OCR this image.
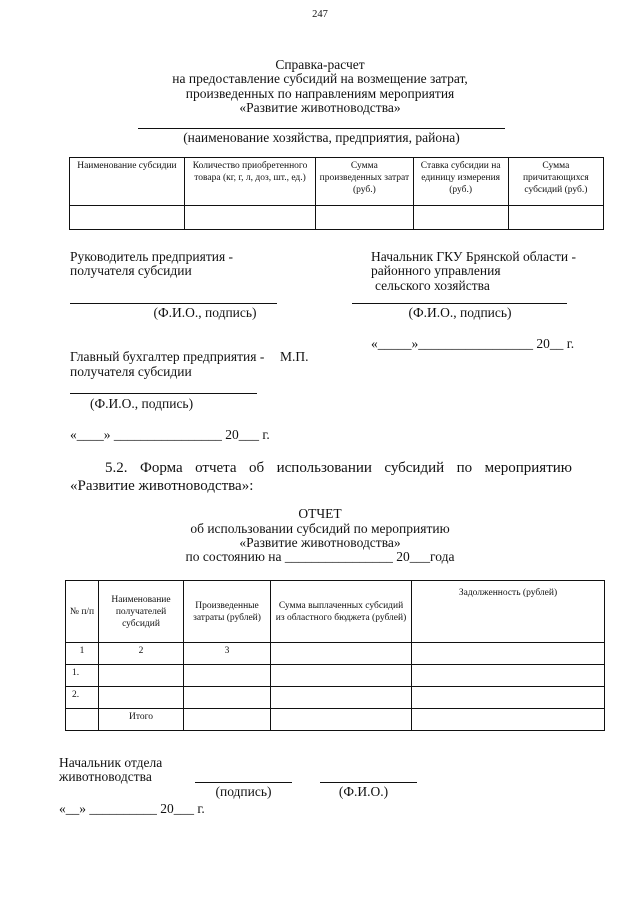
247
Справка-расчет
на предоставление субсидий на возмещение затрат,
произведенных по направлениям мероприятия
«Развитие животноводства»
(наименование хозяйства, предприятия, района)
Наименование субсидии	Количество приобретенного товара (кг, г, л, доз, шт., ед.)	Сумма произведенных затрат (руб.)	Ставка субсидии на единицу измерения (руб.)	Сумма причитающихся субсидий (руб.)

Руководитель предприятия -
получателя субсидии
Начальник ГКУ Брянской области -
районного управления
сельского хозяйства
(Ф.И.О., подпись)	(Ф.И.О., подпись)
«_____»_________________ 20__ г.
Главный бухгалтер предприятия - М.П.
получателя субсидии
(Ф.И.О., подпись)
«____» ________________ 20___ г.
5.2. Форма отчета об использовании субсидий по мероприятию
«Развитие животноводства»:
ОТЧЕТ
об использовании субсидий по мероприятию
«Развитие животноводства»
по состоянию на ________________ 20___года
№ п/п	Наименование получателей субсидий	Произведенные затраты (рублей)	Сумма выплаченных субсидий из областного бюджета (рублей)	Задолженность (рублей)
1	2	3		
1.				
2.				
	Итого			
Начальник отдела
животноводства
(подпись)	(Ф.И.О.)
«__» __________ 20___ г.
